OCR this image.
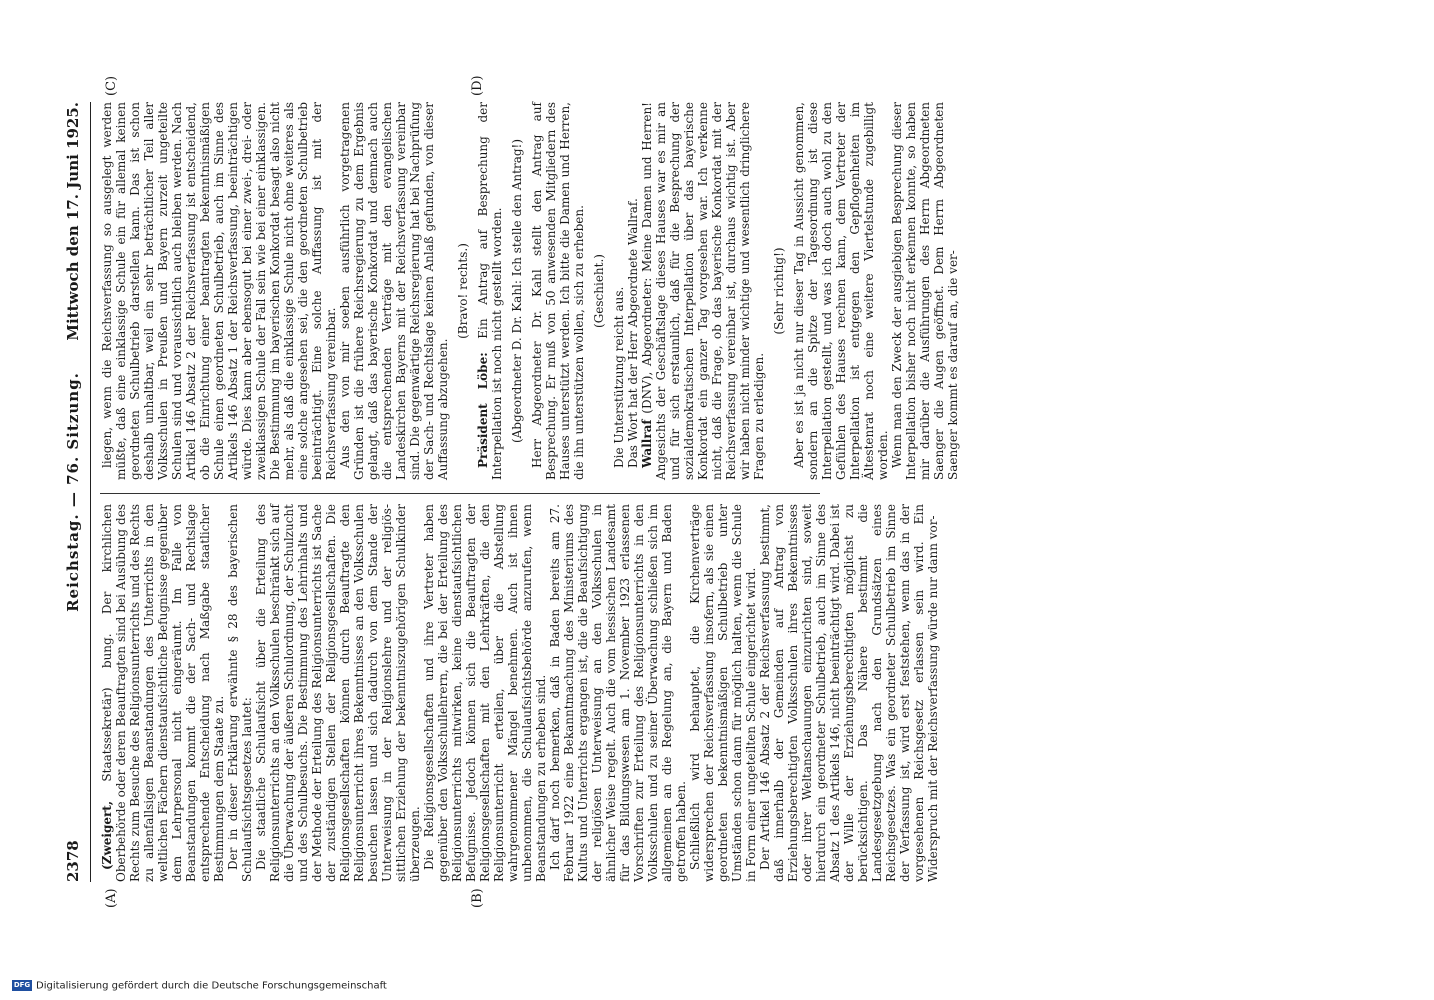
2378
Reichstag. — 76. Sitzung.
Mittwoch den 17. Juni 1925.
(A)	(B)
(C)	(D)

(Zweigert, Staatssekretär) bung. Der kirchlichen Oberbehörde oder deren Beauftragten sind bei Ausübung des Rechts zum Besuche des Religionsunterrichts und des Rechts zu allenfallsigen Beanstandungen des Unterrichts in den weltlichen Fächern dienstaufsichtliche Befugnisse gegenüber dem Lehrpersonal nicht eingeräumt. Im Falle von Beanstandungen kommt die der Sach- und Rechtslage entsprechende Entscheidung nach Maßgabe staatlicher Bestimmungen dem Staate zu. Der in dieser Erklärung erwähnte § 28 des bayerischen Schulaufsichtsgesetzes lautet: Die staatliche Schulaufsicht über die Erteilung des Religionsunterrichts an den Volksschulen beschränkt sich auf die Überwachung der äußeren Schulordnung, der Schulzucht und des Schulbesuchs. Die Bestimmung des Lehrinhalts und der Methode der Erteilung des Religionsunterrichts ist Sache der zuständigen Stellen der Religionsgesellschaften. Die Religionsgesellschaften können durch Beauftragte den Religionsunterricht ihres Bekenntnisses an den Volksschulen besuchen lassen und sich dadurch von dem Stande der Unterweisung in der Religionslehre und der religiös-sittlichen Erziehung der bekenntniszugehörigen Schulkinder überzeugen. Die Religionsgesellschaften und ihre Vertreter haben gegenüber den Volksschullehrern, die bei der Erteilung des Religionsunterrichts mitwirken, keine dienstaufsichtlichen Befugnisse. Jedoch können sich die Beauftragten der Religionsgesellschaften mit den Lehrkräften, die den Religionsunterricht erteilen, über die Abstellung wahrgenommener Mängel benehmen. Auch ist ihnen unbenommen, die Schulaufsichtsbehörde anzurufen, wenn Beanstandungen zu erheben sind. Ich darf noch bemerken, daß in Baden bereits am 27. Februar 1922 eine Bekanntmachung des Ministeriums des Kultus und Unterrichts ergangen ist, die die Beaufsichtigung der religiösen Unterweisung an den Volksschulen in ähnlicher Weise regelt. Auch die vom hessischen Landesamt für das Bildungswesen am 1. November 1923 erlassenen Vorschriften zur Erteilung des Religionsunterrichts in den Volksschulen und zu seiner Überwachung schließen sich im allgemeinen an die Regelung an, die Bayern und Baden getroffen haben. Schließlich wird behauptet, die Kirchenverträge widersprechen der Reichsverfassung insofern, als sie einen geordneten bekenntnismäßigen Schulbetrieb unter Umständen schon dann für möglich halten, wenn die Schule in Form einer ungeteilten Schule eingerichtet wird. Der Artikel 146 Absatz 2 der Reichsverfassung bestimmt, daß innerhalb der Gemeinden auf Antrag von Erziehungsberechtigten Volksschulen ihres Bekenntnisses oder ihrer Weltanschauungen einzurichten sind, soweit hierdurch ein geordneter Schulbetrieb, auch im Sinne des Absatz 1 des Artikels 146, nicht beeinträchtigt wird. Dabei ist der Wille der Erziehungsberechtigten möglichst zu berücksichtigen. Das Nähere bestimmt die Landesgesetzgebung nach den Grundsätzen eines Reichsgesetzes. Was ein geordneter Schulbetrieb im Sinne der Verfassung ist, wird erst feststehen, wenn das in der vorgesehenen Reichsgesetz erlassen sein wird. Ein Widerspruch mit der Reichsverfassung würde nur dann vor-

liegen, wenn die Reichsverfassung so ausgelegt werden müßte, daß eine einklassige Schule ein für allemal keinen geordneten Schulbetrieb darstellen kann. Das ist schon deshalb unhaltbar, weil ein sehr beträchtlicher Teil aller Volksschulen in Preußen und Bayern zurzeit ungeteilte Schulen sind und voraussichtlich auch bleiben werden. Nach Artikel 146 Absatz 2 der Reichsverfassung ist entscheidend, ob die Einrichtung einer beantragten bekenntnismäßigen Schule einen geordneten Schulbetrieb, auch im Sinne des Artikels 146 Absatz 1 der Reichsverfassung, beeinträchtigen würde. Dies kann aber ebensogut bei einer zwei-, drei- oder zweiklassigen Schule der Fall sein wie bei einer einklassigen. Die Bestimmung im bayerischen Konkordat besagt also nicht mehr, als daß die einklassige Schule nicht ohne weiteres als eine solche angesehen sei, die den geordneten Schulbetrieb beeinträchtigt. Eine solche Auffassung ist mit der Reichsverfassung vereinbar. Aus den von mir soeben ausführlich vorgetragenen Gründen ist die frühere Reichsregierung zu dem Ergebnis gelangt, daß das bayerische Konkordat und demnach auch die entsprechenden Verträge mit den evangelischen Landeskirchen Bayerns mit der Reichsverfassung vereinbar sind. Die gegenwärtige Reichsregierung hat bei Nachprüfung der Sach- und Rechtslage keinen Anlaß gefunden, von dieser Auffassung abzugehen.

(Bravo! rechts.)

Präsident Löbe: Ein Antrag auf Besprechung der Interpellation ist noch nicht gestellt worden. (Abgeordneter D. Dr. Kahl: Ich stelle den Antrag!) Herr Abgeordneter Dr. Kahl stellt den Antrag auf Besprechung. Er muß von 50 anwesenden Mitgliedern des Hauses unterstützt werden. Ich bitte die Damen und Herren, die ihn unterstützen wollen, sich zu erheben. (Geschieht.) Die Unterstützung reicht aus. Das Wort hat der Herr Abgeordnete Wallraf. Wallraf (DNV), Abgeordneter: Meine Damen und Herren! Angesichts der Geschäftslage dieses Hauses war es mir an und für sich erstaunlich, daß für die Besprechung der sozialdemokratischen Interpellation über das bayerische Konkordat ein ganzer Tag vorgesehen war. Ich verkenne nicht, daß die Frage, ob das bayerische Konkordat mit der Reichsverfassung vereinbar ist, durchaus wichtig ist. Aber wir haben nicht minder wichtige und wesentlich dringlichere Fragen zu erledigen.

(Sehr richtig!) Aber es ist ja nicht nur dieser Tag in Aussicht genommen, sondern an die Spitze der Tagesordnung ist diese Interpellation gestellt, und was ich doch auch wohl zu den Gefühlen des Hauses rechnen kann, dem Vertreter der Interpellation ist entgegen den Gepflogenheiten im Ältestenrat noch eine weitere Viertelstunde zugebilligt worden. Wenn man den Zweck der ausgiebigen Besprechung dieser Interpellation bisher noch nicht erkennen konnte, so haben mir darüber die Ausführungen des Herrn Abgeordneten Saenger die Augen geöffnet. Dem Herrn Abgeordneten Saenger kommt es darauf an, die ver-

DFG Digitalisierung gefördert durch die Deutsche Forschungsgemeinschaft
